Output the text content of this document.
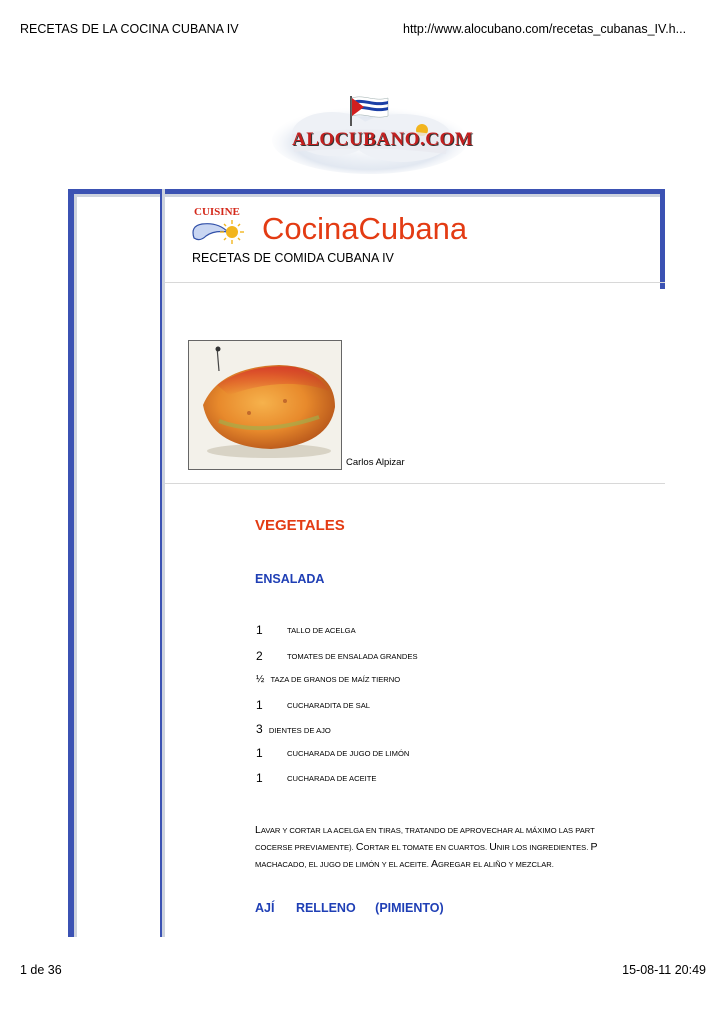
RECETAS DE LA COCINA CUBANA IV	http://www.alocubano.com/recetas_cubanas_IV.h...
1 de 36	15-08-11 20:49
ALOCUBANO.COM
CUISINE CocinaCubana
RECETAS DE COMIDA CUBANA IV
Carlos Alpizar
VEGETALES
ENSALADA
1	TALLO DE ACELGA
2	TOMATES DE ENSALADA GRANDES
½ TAZA DE GRANOS DE MAÍZ TIERNO
1	CUCHARADITA DE SAL
3 DIENTES DE AJO
1	CUCHARADA DE JUGO DE LIMÓN
1	CUCHARADA DE ACEITE
LAVAR Y CORTAR LA ACELGA EN TIRAS, TRATANDO DE APROVECHAR AL MÁXIMO LAS PART
COCERSE PREVIAMENTE). CORTAR EL TOMATE EN CUARTOS. UNIR LOS INGREDIENTES. P
MACHACADO, EL JUGO DE LIMÓN Y EL ACEITE. AGREGAR EL ALIÑO Y MEZCLAR.
AJÍ RELLENO (PIMIENTO)
